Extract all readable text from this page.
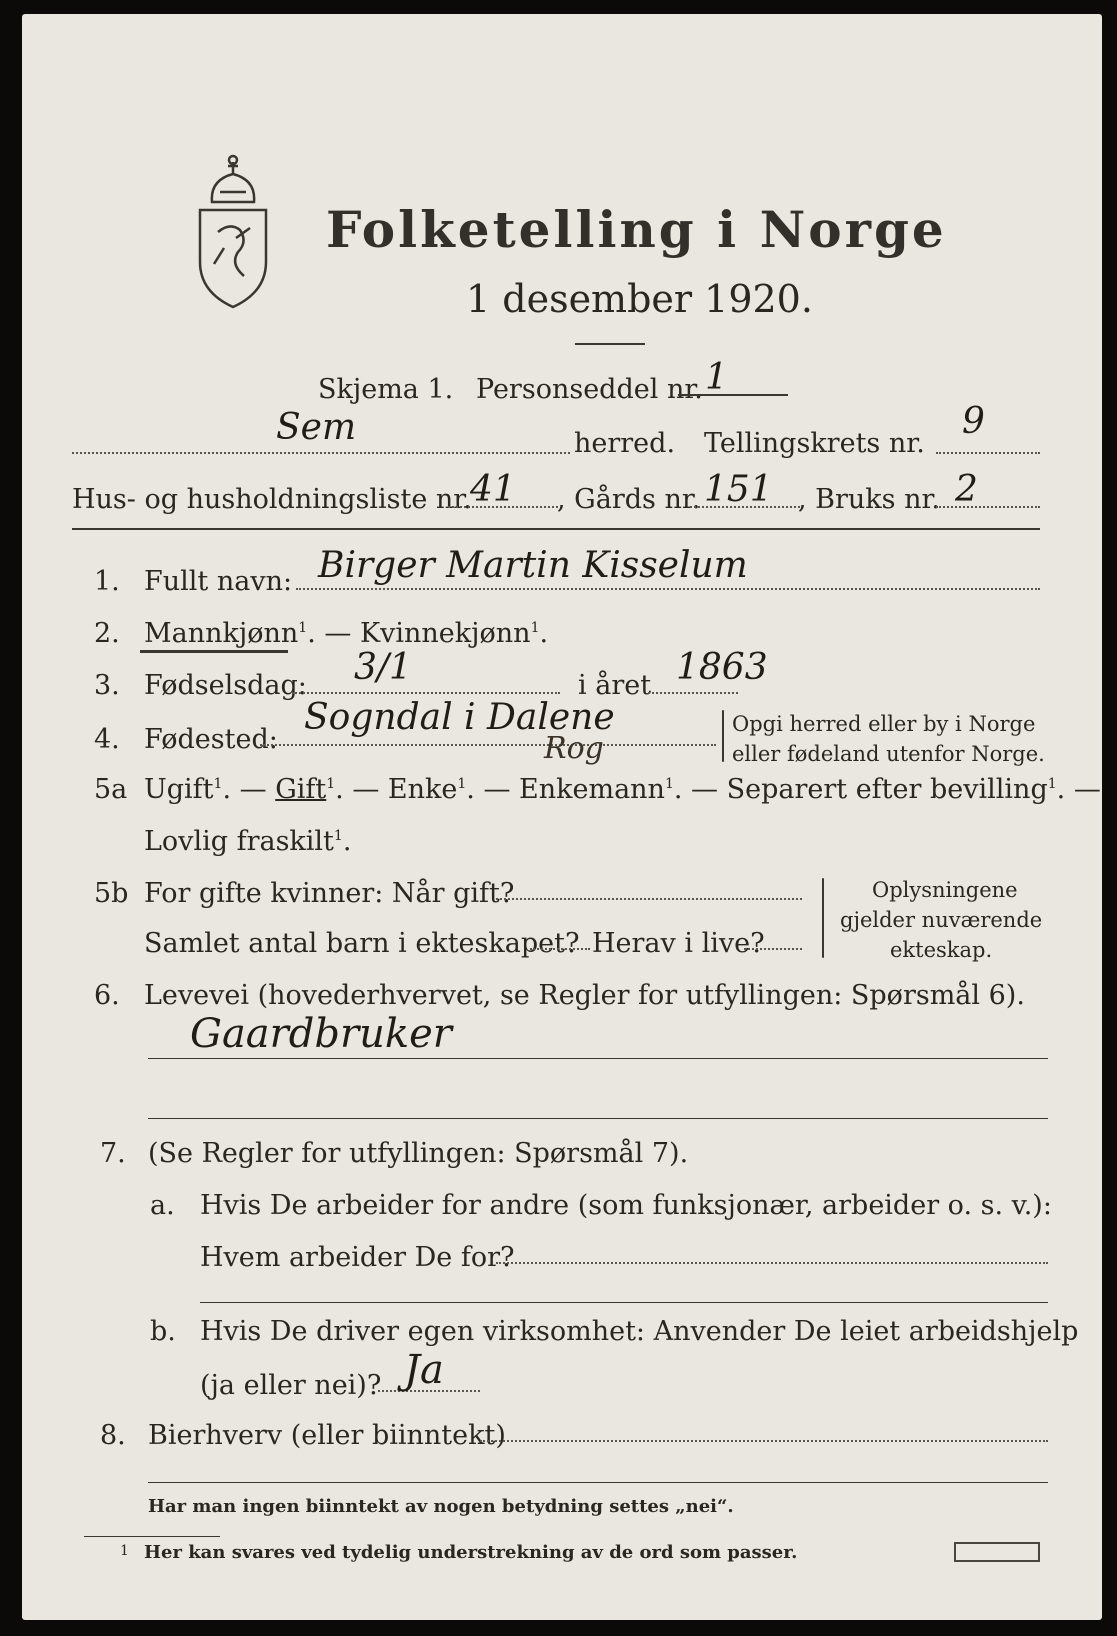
Folketelling i Norge
1 desember 1920.
Skjema 1. Personseddel nr. 1
Sem	herred. Tellingskrets nr.
9
Hus- og husholdningsliste nr.
41 , Gårds nr. 151 , Bruks nr. 2
1. Fullt navn: Birger Martin Kisselum
2. Mannkjønn$^1$. — Kvinnekjønn$^1$.
3. Fødselsdag: 3/1	i året 1863
4. Fødested:
Sogndal i Dalene
Rog
Opgi herred eller by i Norge
eller fødeland utenfor Norge.
5a Ugift$^1$. — Gift$^1$. — Enke$^1$. — Enkemann$^1$. — Separert efter bevilling$^1$. —
Lovlig fraskilt$^1$.
5b For gifte kvinner: Når gift?
Samlet antal barn i ekteskapet? Herav i live?
Oplysningene
gjelder nuværende
ekteskap.
6. Levevei (hovederhvervet, se Regler for utfyllingen: Spørsmål 6).
Gaardbruker
7. (Se Regler for utfyllingen: Spørsmål 7).
a. Hvis De arbeider for andre (som funksjonær, arbeider o. s. v.):
Hvem arbeider De for?
b. Hvis De driver egen virksomhet: Anvender De leiet arbeidshjelp
(ja eller nei)? Ja
8. Bierhverv (eller biinntekt)
Har man ingen biinntekt av nogen betydning settes „nei“.
1 Her kan svares ved tydelig understrekning av de ord som passer.
